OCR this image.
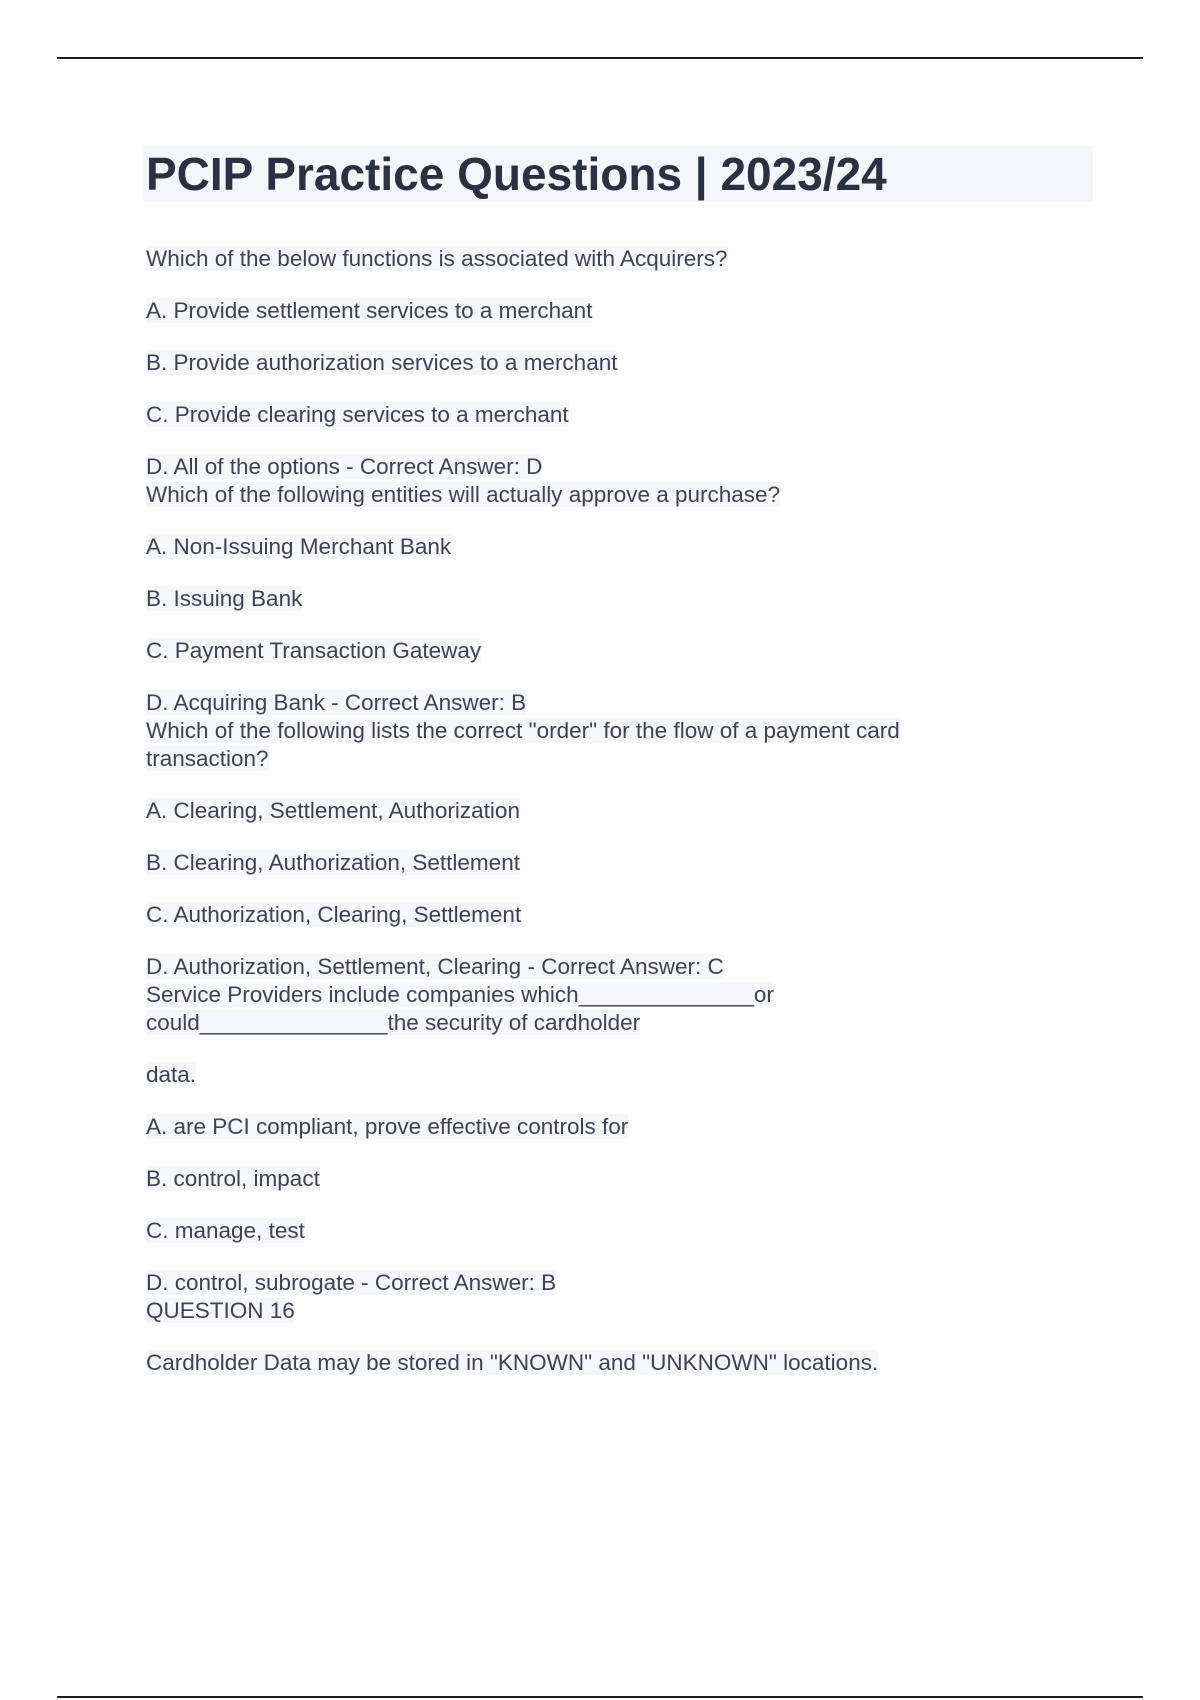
PCIP Practice Questions | 2023/24
Which of the below functions is associated with Acquirers?
A. Provide settlement services to a merchant
B. Provide authorization services to a merchant
C. Provide clearing services to a merchant
D. All of the options - Correct Answer: D
Which of the following entities will actually approve a purchase?
A. Non-Issuing Merchant Bank
B. Issuing Bank
C. Payment Transaction Gateway
D. Acquiring Bank - Correct Answer: B
Which of the following lists the correct "order" for the flow of a payment card
transaction?
A. Clearing, Settlement, Authorization
B. Clearing, Authorization, Settlement
C. Authorization, Clearing, Settlement
D. Authorization, Settlement, Clearing - Correct Answer: C
Service Providers include companies which______________or
could_______________the security of cardholder
data.
A. are PCI compliant, prove effective controls for
B. control, impact
C. manage, test
D. control, subrogate - Correct Answer: B
QUESTION 16
Cardholder Data may be stored in "KNOWN" and "UNKNOWN" locations.
